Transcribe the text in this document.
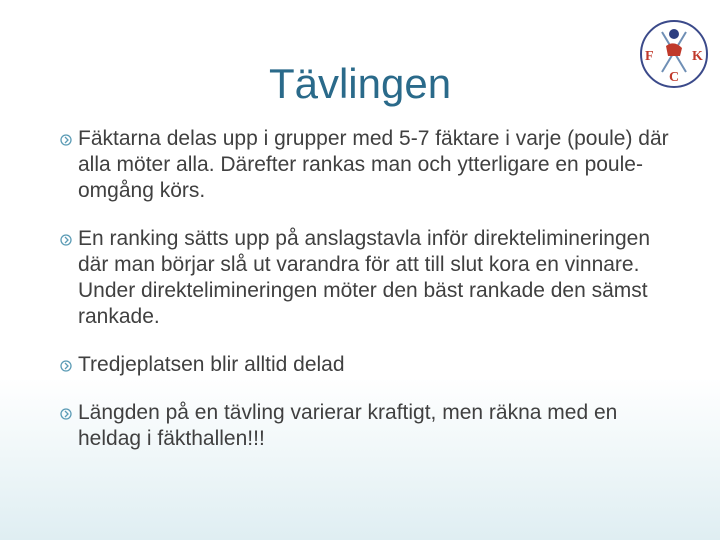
Tävlingen
F	K
C
Fäktarna delas upp i grupper med 5-7 fäktare i varje (poule) där alla möter alla. Därefter rankas man och ytterligare en poule-omgång körs.
En ranking sätts upp på anslagstavla inför direktelimineringen där man börjar slå ut varandra för att till slut kora en vinnare. Under direktelimineringen möter den bäst rankade den sämst rankade.
Tredjeplatsen blir alltid delad
Längden på en tävling varierar kraftigt, men räkna med en heldag i fäkthallen!!!
